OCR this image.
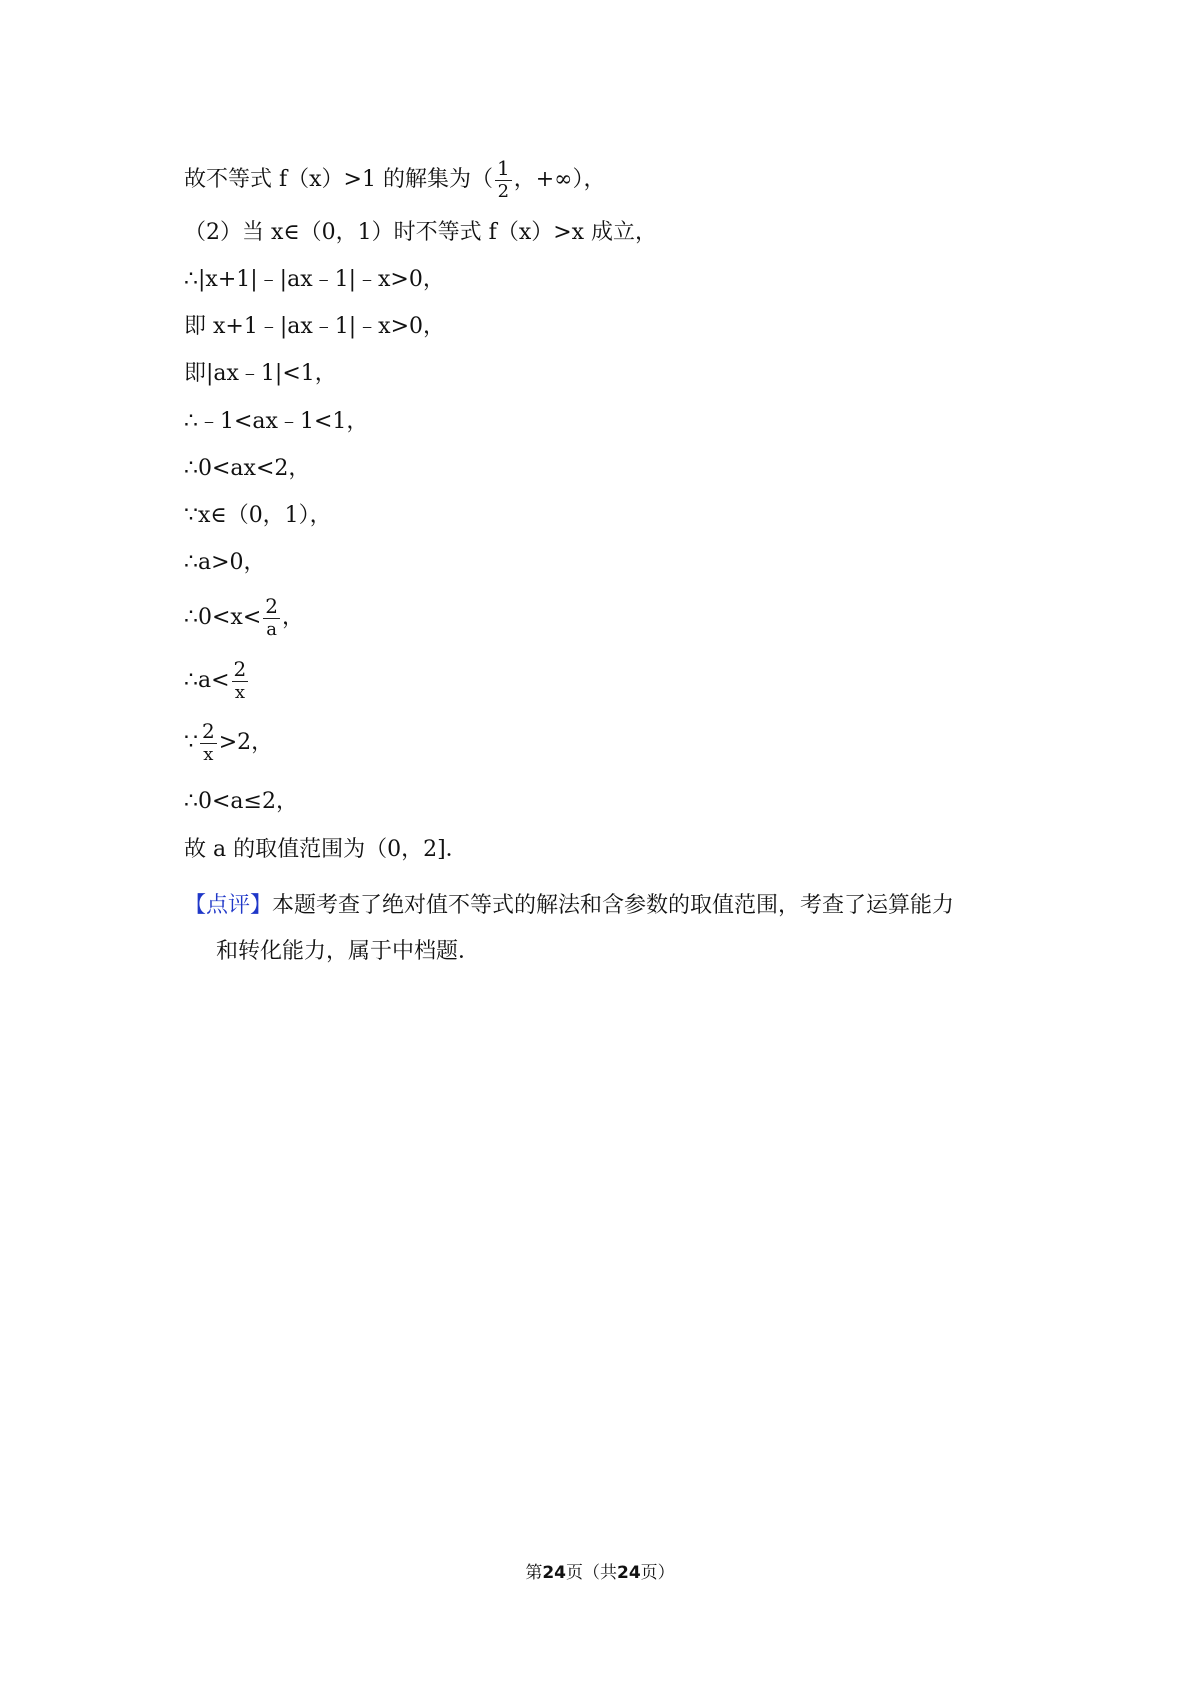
故不等式 f（x）>1 的解集为（ $\frac{1}{2}$ ，+∞），
（2）当 x∈（0，1）时不等式 f（x）>x 成立，
∴|x+1|﹣|ax﹣1|﹣x>0，
即 x+1﹣|ax﹣1|﹣x>0，
即|ax﹣1|<1，
∴﹣1<ax﹣1<1，
∴0<ax<2，
∵x∈（0，1），
∴a>0，
∴0<x< $\frac{2}{a}$ ，
∴a< $\frac{2}{x}$
∵ $\frac{2}{x} >2$，
∴0<a≤2，
故 a 的取值范围为（0，2]．
【点评】本题考查了绝对值不等式的解法和含参数的取值范围，考查了运算能力
和转化能力，属于中档题．
第24页（共24页）
